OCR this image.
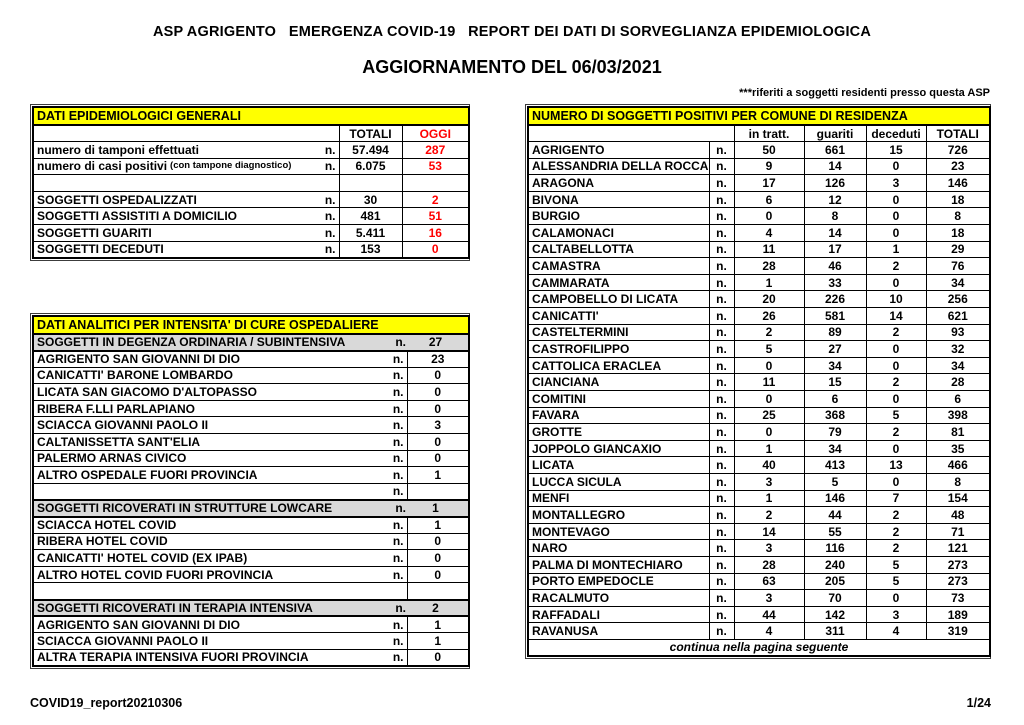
ASP AGRIGENTO   EMERGENZA COVID-19   REPORT DEI DATI DI SORVEGLIANZA EPIDEMIOLOGICA
AGGIORNAMENTO DEL 06/03/2021
***riferiti a soggetti residenti presso questa ASP
DATI EPIDEMIOLOGICI GENERALI		
	TOTALI	OGGI

numero di tamponi effettuati n.	57.494	287

numero di casi positivi (con tampone diagnostico) n.	6.075	53

SOGGETTI OSPEDALIZZATI n.	30	2

SOGGETTI ASSISTITI A DOMICILIO n.	481	51

SOGGETTI GUARITI n.	5.411	16

SOGGETTI DECEDUTI n.	153	0
DATI ANALITICI PER INTENSITA' DI CURE OSPEDALIERE	

SOGGETTI IN DEGENZA ORDINARIA / SUBINTENSIVA n. 27	

AGRIGENTO SAN GIOVANNI DI DIO n.	23

CANICATTI' BARONE LOMBARDO n.	0

LICATA SAN GIACOMO D'ALTOPASSO n.	0

RIBERA F.LLI PARLAPIANO n.	0

SCIACCA GIOVANNI PAOLO II n.	3

CALTANISSETTA SANT'ELIA n.	0

PALERMO ARNAS CIVICO n.	0

ALTRO OSPEDALE FUORI PROVINCIA n.	1

n.	

SOGGETTI RICOVERATI IN STRUTTURE LOWCARE n. 1	

SCIACCA HOTEL COVID n.	1

RIBERA HOTEL COVID n.	0

CANICATTI' HOTEL COVID (EX IPAB) n.	0

ALTRO HOTEL COVID FUORI PROVINCIA n.	0

SOGGETTI RICOVERATI IN TERAPIA INTENSIVA n. 2	

AGRIGENTO SAN GIOVANNI DI DIO n.	1

SCIACCA GIOVANNI PAOLO II n.	1

ALTRA TERAPIA INTENSIVA FUORI PROVINCIA n.	0
NUMERO DI SOGGETTI POSITIVI PER COMUNE DI RESIDENZA					
		in tratt.	guariti	deceduti	TOTALI
AGRIGENTO	n.	50	661	15	726
ALESSANDRIA DELLA ROCCA	n.	9	14	0	23
ARAGONA	n.	17	126	3	146
BIVONA	n.	6	12	0	18
BURGIO	n.	0	8	0	8
CALAMONACI	n.	4	14	0	18
CALTABELLOTTA	n.	11	17	1	29
CAMASTRA	n.	28	46	2	76
CAMMARATA	n.	1	33	0	34
CAMPOBELLO DI LICATA	n.	20	226	10	256
CANICATTI'	n.	26	581	14	621
CASTELTERMINI	n.	2	89	2	93
CASTROFILIPPO	n.	5	27	0	32
CATTOLICA ERACLEA	n.	0	34	0	34
CIANCIANA	n.	11	15	2	28
COMITINI	n.	0	6	0	6
FAVARA	n.	25	368	5	398
GROTTE	n.	0	79	2	81
JOPPOLO GIANCAXIO	n.	1	34	0	35
LICATA	n.	40	413	13	466
LUCCA SICULA	n.	3	5	0	8
MENFI	n.	1	146	7	154
MONTALLEGRO	n.	2	44	2	48
MONTEVAGO	n.	14	55	2	71
NARO	n.	3	116	2	121
PALMA DI MONTECHIARO	n.	28	240	5	273
PORTO EMPEDOCLE	n.	63	205	5	273
RACALMUTO	n.	3	70	0	73
RAFFADALI	n.	44	142	3	189
RAVANUSA	n.	4	311	4	319
continua nella pagina seguente					
COVID19_report20210306	1/24
